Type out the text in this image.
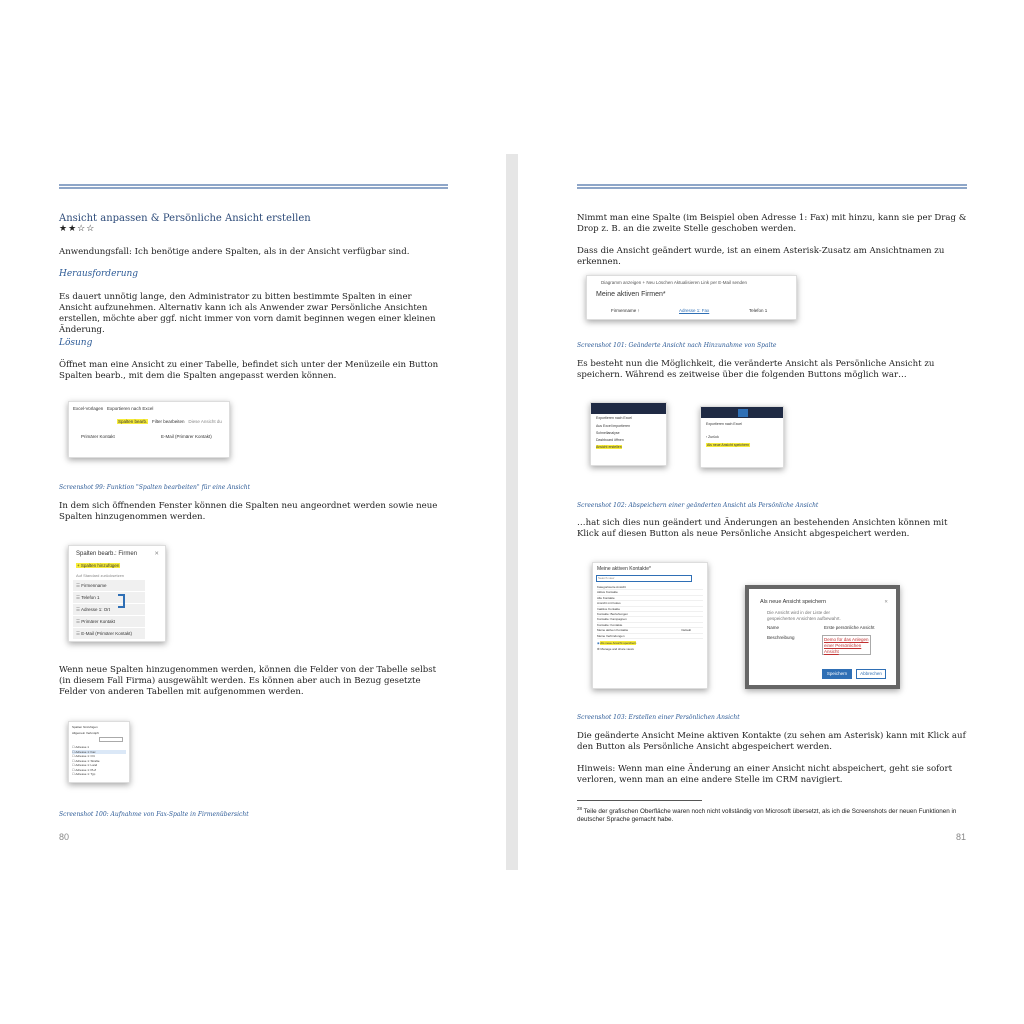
Ansicht anpassen & Persönliche Ansicht erstellen
★★☆☆
Anwendungsfall: Ich benötige andere Spalten, als in der Ansicht verfügbar sind.
Herausforderung
Es dauert unnötig lange, den Administrator zu bitten bestimmte Spalten in einer Ansicht aufzunehmen. Alternativ kann ich als Anwender zwar Persönliche Ansichten erstellen, möchte aber ggf. nicht immer von vorn damit beginnen wegen einer kleinen Änderung.
Lösung
Öffnet man eine Ansicht zu einer Tabelle, befindet sich unter der Menüzeile ein Button Spalten bearb., mit dem die Spalten angepasst werden können.
Excel-Vorlagen Exportieren nach Excel
Spalten bearb. Filter bearbeiten Diese Ansicht du
Primärer Kontakt	E-Mail (Primärer Kontakt)
Screenshot 99: Funktion "Spalten bearbeiten" für eine Ansicht
In dem sich öffnenden Fenster können die Spalten neu angeordnet werden sowie neue Spalten hinzugenommen werden.
Spalten bearb.: Firmen	✕
+ Spalten hinzufügen
Auf Standard zurücksetzen
☰ Firmenname
☰ Telefon 1
☰ Adresse 1: Ort
☰ Primärer Kontakt
☰ E-Mail (Primärer Kontakt)
Wenn neue Spalten hinzugenommen werden, können die Felder von der Tabelle selbst (in diesem Fall Firma) ausgewählt werden. Es können aber auch in Bezug gesetzte Felder von anderen Tabellen mit aufgenommen werden.
Spalten hinzufügen
Allgemein Verknüpft
☐ Adresse 1
☐ Adresse 1: Fax
☐ Adresse 1: Ort
☐ Adresse 1: Straße
☐ Adresse 1: Land
☐ Adresse 1: PLZ
☐ Adresse 1: Typ
Screenshot 100: Aufnahme von Fax-Spalte in Firmenübersicht
80
Nimmt man eine Spalte (im Beispiel oben Adresse 1: Fax) mit hinzu, kann sie per Drag & Drop z. B. an die zweite Stelle geschoben werden.
Dass die Ansicht geändert wurde, ist an einem Asterisk-Zusatz am Ansichtnamen zu erkennen.
Diagramm anzeigen + Neu Löschen Aktualisieren Link per E-Mail senden
Meine aktiven Firmen*
Firmenname ↑	Adresse 1: Fax	Telefon 1
Screenshot 101: Geänderte Ansicht nach Hinzunahme von Spalte
Es besteht nun die Möglichkeit, die veränderte Ansicht als Persönliche Ansicht zu speichern. Während es zeitweise über die folgenden Buttons möglich war…
Exportieren nach Excel
Aus Excel importieren
Schnellanalyse
Dashboard öffnen
Ansicht erstellen
Exportieren nach Excel
‹ Zurück
Als neue Ansicht speichern
Screenshot 102: Abspeichern einer geänderten Ansicht als Persönliche Ansicht
…hat sich dies nun geändert und Änderungen an bestehenden Ansichten können mit Klick auf diesen Button als neue Persönliche Ansicht abgespeichert werden.
Meine aktiven Kontakte*
Search view
Kategorisierte Ansicht
Aktive Kontakte
Alle Kontakte
Ansicht mit Fokus
Inaktive Kontakte
Kontakte: Beziehungen
Kontakte: Kampagnen
Kontakte: Kontakte
Meine aktiven Kontakte	Default
Meine Verbindungen
◉ Als neue Ansicht speichern
⚙ Manage and share views
Als neue Ansicht speichern	✕
Die Ansicht wird in der Liste der gespeicherten Ansichten aufbewahrt.
Name	Erste persönliche Ansicht
Beschreibung	Demo für das Anlegen einer Persönlichen Ansicht
Speichern	Abbrechen
Screenshot 103: Erstellen einer Persönlichen Ansicht
Die geänderte Ansicht Meine aktiven Kontakte (zu sehen am Asterisk) kann mit Klick auf den Button als Persönliche Ansicht abgespeichert werden.
Hinweis: Wenn man eine Änderung an einer Ansicht nicht abspeichert, geht sie sofort verloren, wenn man an eine andere Stelle im CRM navigiert.
$^{28}$ Teile der grafischen Oberfläche waren noch nicht vollständig von Microsoft übersetzt, als ich die Screenshots der neuen Funktionen in deutscher Sprache gemacht habe.
81
